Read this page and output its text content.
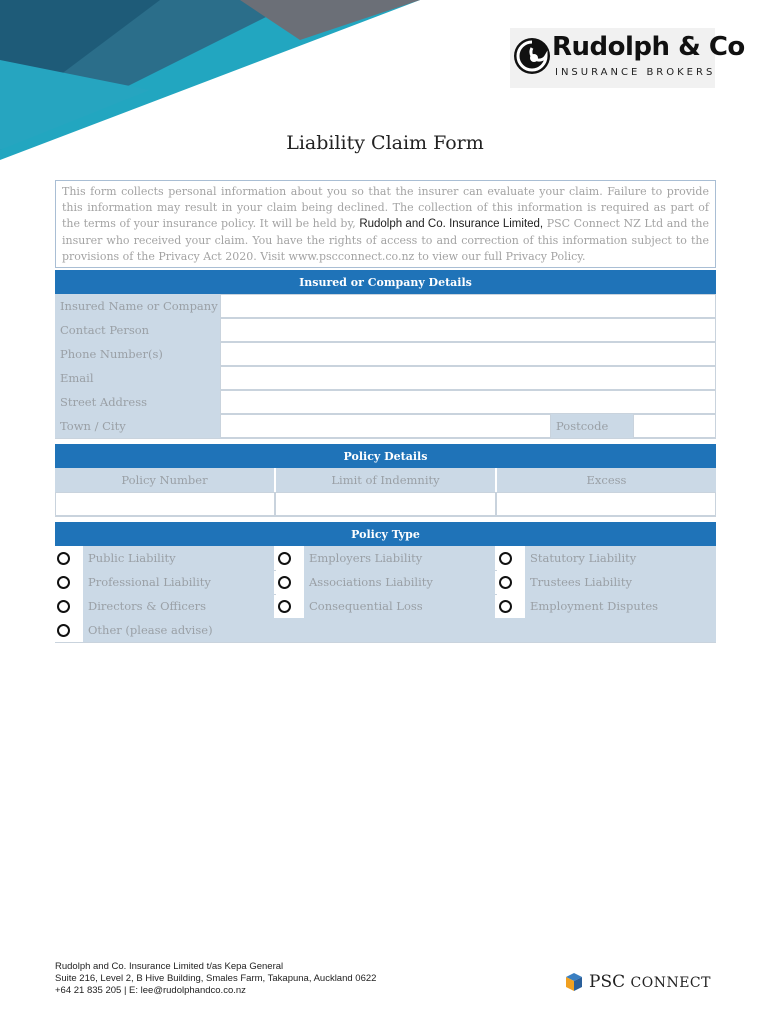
Rudolph & Co
INSURANCE BROKERS
Liability Claim Form
This form collects personal information about you so that the insurer can evaluate your claim. Failure to provide this information may result in your claim being declined. The collection of this information is required as part of the terms of your insurance policy. It will be held by, Rudolph and Co. Insurance Limited, PSC Connect NZ Ltd and the insurer who received your claim. You have the rights of access to and correction of this information subject to the provisions of the Privacy Act 2020. Visit www.pscconnect.co.nz to view our full Privacy Policy.
Insured or Company Details
Insured Name or Company
Contact Person
Phone Number(s)
Email
Street Address
Town / City	Postcode
Policy Details
Policy Number	Limit of Indemnity	Excess
Policy Type
Public Liability	Employers Liability	Statutory Liability
Professional Liability	Associations Liability	Trustees Liability
Directors & Officers	Consequential Loss	Employment Disputes
Other (please advise)
Rudolph and Co. Insurance Limited t/as Kepa General
Suite 216, Level 2, B Hive Building, Smales Farm, Takapuna, Auckland 0622
+64 21 835 205 | E: lee@rudolphandco.co.nz	PSC CONNECT
